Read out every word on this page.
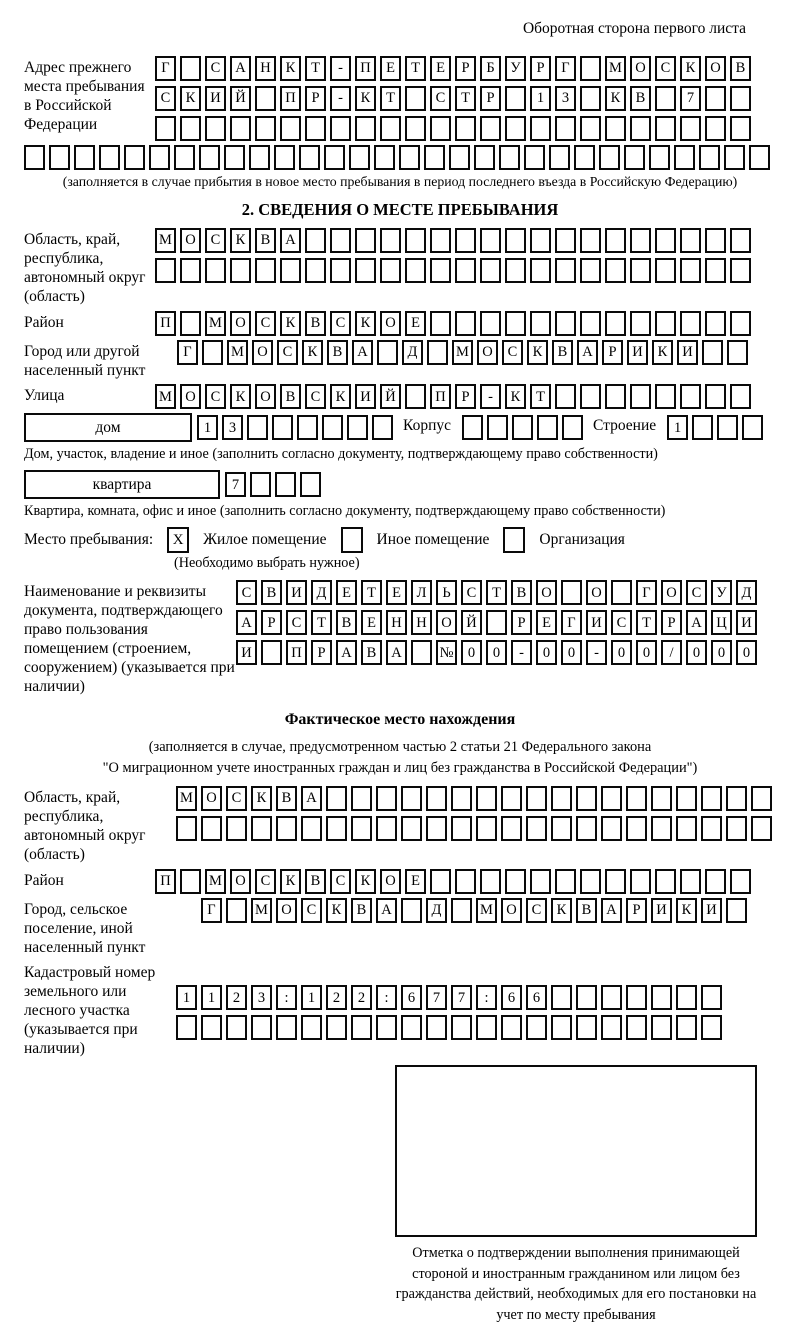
Оборотная сторона первого листа
Адрес прежнего места пребывания в Российской Федерации
Г	С	А	Н	К	Т	-	П	Е	Т	Е	Р	Б	У	Р	Г	М О	С	К	О	В
С	К	И	Й	П	Р	-	К	Т	С	Т	Р	1	3	К	В	7
(заполняется в случае прибытия в новое место пребывания в период последнего въезда в Российскую Федерацию)
2. СВЕДЕНИЯ О МЕСТЕ ПРЕБЫВАНИЯ
Область, край, республика, автономный округ (область)
М О	С	К	В	А
Район	П	М О	С	К	В	С	К	О	Е
Город или другой населенный пункт
Г	М О	С	К	В	А	Д	М О	С	К	В	А	Р	И	К	И
Улица	М О	С	К	О	В	С	К	И	Й	П	Р	-	К	Т
дом	1	3	Корпус	Строение	1
Дом, участок, владение и иное (заполнить согласно документу, подтверждающему право собственности)
квартира	7
Квартира, комната, офис и иное (заполнить согласно документу, подтверждающему право собственности)
Место пребывания:	X	Жилое помещение	Иное помещение	Организация
(Необходимо выбрать нужное)
Наименование и реквизиты документа, подтверждающего право пользования помещением (строением, сооружением) (указывается при наличии)
С	В	И	Д	Е	Т	Е	Л	Ь	С	Т	В	О	О	Г	О	С	У	Д
А	Р	С	Т	В	Е	Н	Н	О	Й	Р	Е	Г	И	С	Т	Р	А	Ц	И
И	П	Р	А	В	А	№ 0	0	-	0	0	-	0	0	/	0	0	0
Фактическое место нахождения
(заполняется в случае, предусмотренном частью 2 статьи 21 Федерального закона
"О миграционном учете иностранных граждан и лиц без гражданства в Российской Федерации")
Область, край, республика, автономный округ (область)
М О	С	К	В	А
Район	П	М О	С	К	В	С	К	О	Е
Город, сельское поселение, иной населенный пункт
Г	М О	С	К	В	А	Д	М О	С	К	В	А	Р	И	К	И
Кадастровый номер земельного или лесного участка (указывается при наличии)
1	1	2	3	:	1	2	2	:	6	7	7	:	6	6
Отметка о подтверждении выполнения принимающей стороной и иностранным гражданином или лицом без гражданства действий, необходимых для его постановки на учет по месту пребывания
